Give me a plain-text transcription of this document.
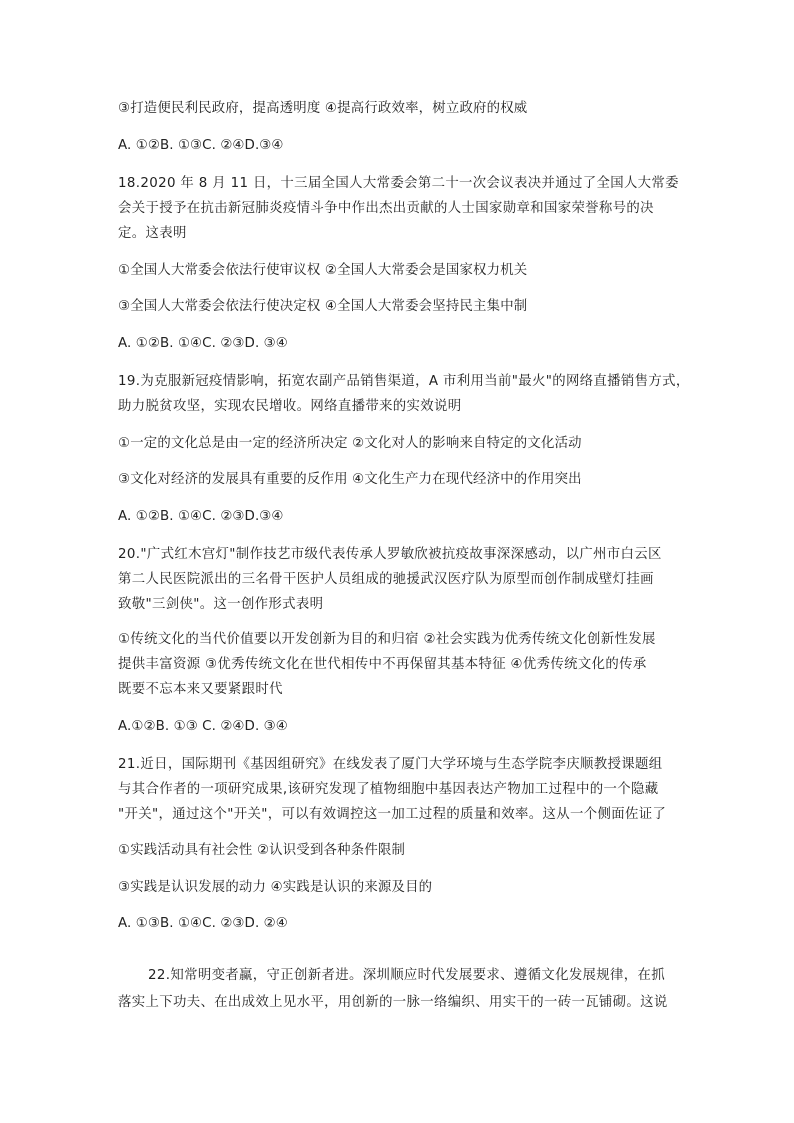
③打造便民利民政府，提高透明度 ④提高行政效率，树立政府的权威
A. ①②B. ①③C. ②④D.③④
18.2020 年 8 月 11 日，十三届全国人大常委会第二十一次会议表决并通过了全国人大常委
会关于授予在抗击新冠肺炎疫情斗争中作出杰出贡献的人士国家勋章和国家荣誉称号的决
定。这表明
①全国人大常委会依法行使审议权 ②全国人大常委会是国家权力机关
③全国人大常委会依法行使决定权 ④全国人大常委会坚持民主集中制
A. ①②B. ①④C. ②③D. ③④
19.为克服新冠疫情影响，拓宽农副产品销售渠道，A 市利用当前"最火"的网络直播销售方式，
助力脱贫攻坚，实现农民增收。网络直播带来的实效说明
①一定的文化总是由一定的经济所决定 ②文化对人的影响来自特定的文化活动
③文化对经济的发展具有重要的反作用 ④文化生产力在现代经济中的作用突出
A. ①②B. ①④C. ②③D.③④
20."广式红木宫灯"制作技艺市级代表传承人罗敏欣被抗疫故事深深感动，以广州市白云区
第二人民医院派出的三名骨干医护人员组成的驰援武汉医疗队为原型而创作制成壁灯挂画
致敬"三剑侠"。这一创作形式表明
①传统文化的当代价值要以开发创新为目的和归宿 ②社会实践为优秀传统文化创新性发展
提供丰富资源 ③优秀传统文化在世代相传中不再保留其基本特征 ④优秀传统文化的传承
既要不忘本来又要紧跟时代
A.①②B. ①③ C. ②④D. ③④
21.近日，国际期刊《基因组研究》在线发表了厦门大学环境与生态学院李庆顺教授课题组
与其合作者的一项研究成果,该研究发现了植物细胞中基因表达产物加工过程中的一个隐藏
"开关"，通过这个"开关"，可以有效调控这一加工过程的质量和效率。这从一个侧面佐证了
①实践活动具有社会性 ②认识受到各种条件限制
③实践是认识发展的动力 ④实践是认识的来源及目的
A. ①③B. ①④C. ②③D. ②④
22.知常明变者赢，守正创新者进。深圳顺应时代发展要求、遵循文化发展规律，在抓
落实上下功夫、在出成效上见水平，用创新的一脉一络编织、用实干的一砖一瓦铺砌。这说
